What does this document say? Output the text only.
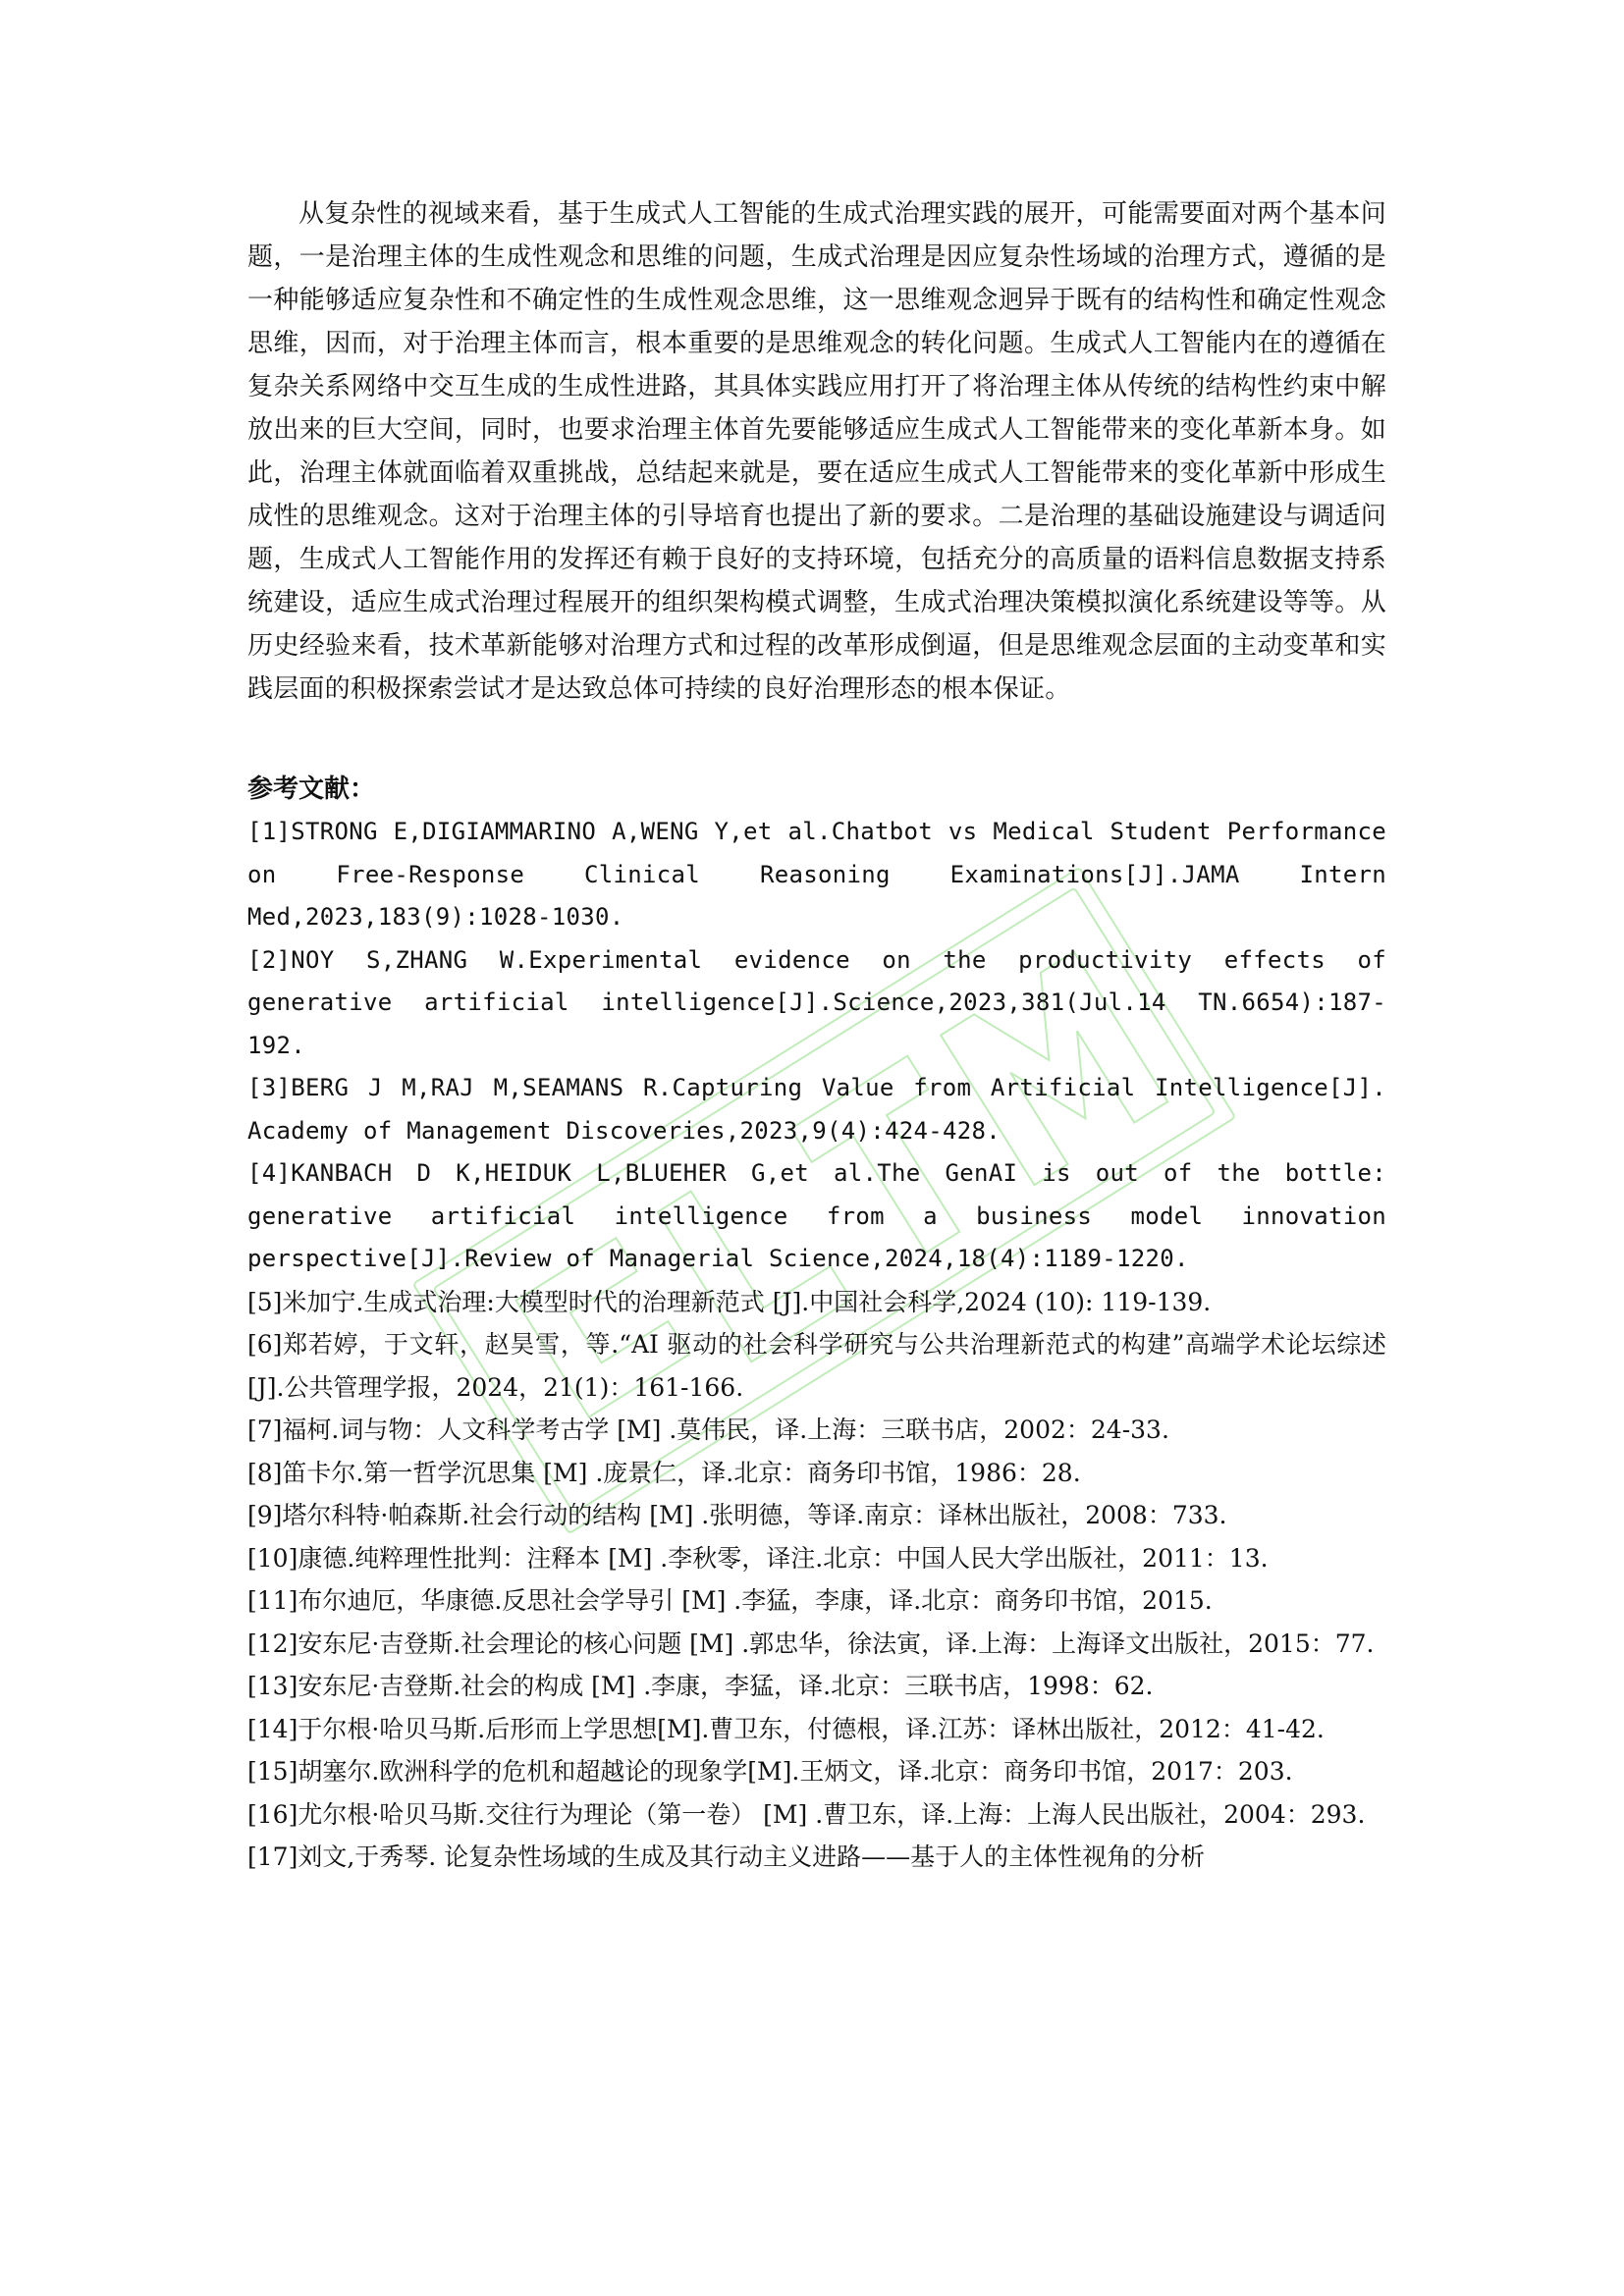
从复杂性的视域来看，基于生成式人工智能的生成式治理实践的展开，可能需要面对两个基本问题，一是治理主体的生成性观念和思维的问题，生成式治理是因应复杂性场域的治理方式，遵循的是一种能够适应复杂性和不确定性的生成性观念思维，这一思维观念迥异于既有的结构性和确定性观念思维，因而，对于治理主体而言，根本重要的是思维观念的转化问题。生成式人工智能内在的遵循在复杂关系网络中交互生成的生成性进路，其具体实践应用打开了将治理主体从传统的结构性约束中解放出来的巨大空间，同时，也要求治理主体首先要能够适应生成式人工智能带来的变化革新本身。如此，治理主体就面临着双重挑战，总结起来就是，要在适应生成式人工智能带来的变化革新中形成生成性的思维观念。这对于治理主体的引导培育也提出了新的要求。二是治理的基础设施建设与调适问题，生成式人工智能作用的发挥还有赖于良好的支持环境，包括充分的高质量的语料信息数据支持系统建设，适应生成式治理过程展开的组织架构模式调整，生成式治理决策模拟演化系统建设等等。从历史经验来看，技术革新能够对治理方式和过程的改革形成倒逼，但是思维观念层面的主动变革和实践层面的积极探索尝试才是达致总体可持续的良好治理形态的根本保证。

参考文献：
[1]STRONG E,DIGIAMMARINO A,WENG Y,et al.Chatbot vs Medical Student Performance on Free-Response Clinical Reasoning Examinations[J].JAMA Intern Med,2023,183(9):1028-1030.
[2]NOY S,ZHANG W.Experimental evidence on the productivity effects of generative artificial intelligence[J].Science,2023,381(Jul.14 TN.6654):187-192.
[3]BERG J M,RAJ M,SEAMANS R.Capturing Value from Artificial Intelligence[J]. Academy of Management Discoveries,2023,9(4):424-428.
[4]KANBACH D K,HEIDUK L,BLUEHER G,et al.The GenAI is out of the bottle: generative artificial intelligence from a business model innovation perspective[J].Review of Managerial Science,2024,18(4):1189-1220.
[5]米加宁.生成式治理:大模型时代的治理新范式 [J].中国社会科学,2024 (10): 119-139.
[6]郑若婷，于文轩，赵昊雪，等.“AI 驱动的社会科学研究与公共治理新范式的构建”高端学术论坛综述[J].公共管理学报，2024，21(1)：161-166.
[7]福柯.词与物：人文科学考古学 [M] .莫伟民，译.上海：三联书店，2002：24-33.
[8]笛卡尔.第一哲学沉思集 [M] .庞景仁，译.北京：商务印书馆，1986：28.
[9]塔尔科特·帕森斯.社会行动的结构 [M] .张明德，等译.南京：译林出版社，2008：733.
[10]康德.纯粹理性批判：注释本 [M] .李秋零，译注.北京：中国人民大学出版社，2011：13.
[11]布尔迪厄，华康德.反思社会学导引 [M] .李猛，李康，译.北京：商务印书馆，2015.
[12]安东尼·吉登斯.社会理论的核心问题 [M] .郭忠华，徐法寅，译.上海：上海译文出版社，2015：77.
[13]安东尼·吉登斯.社会的构成 [M] .李康，李猛，译.北京：三联书店，1998：62.
[14]于尔根·哈贝马斯.后形而上学思想[M].曹卫东，付德根，译.江苏：译林出版社，2012：41-42.
[15]胡塞尔.欧洲科学的危机和超越论的现象学[M].王炳文，译.北京：商务印书馆，2017：203.
[16]尤尔根·哈贝马斯.交往行为理论（第一卷） [M] .曹卫东，译.上海：上海人民出版社，2004：293.
[17]刘文,于秀琴. 论复杂性场域的生成及其行动主义进路——基于人的主体性视角的分析
